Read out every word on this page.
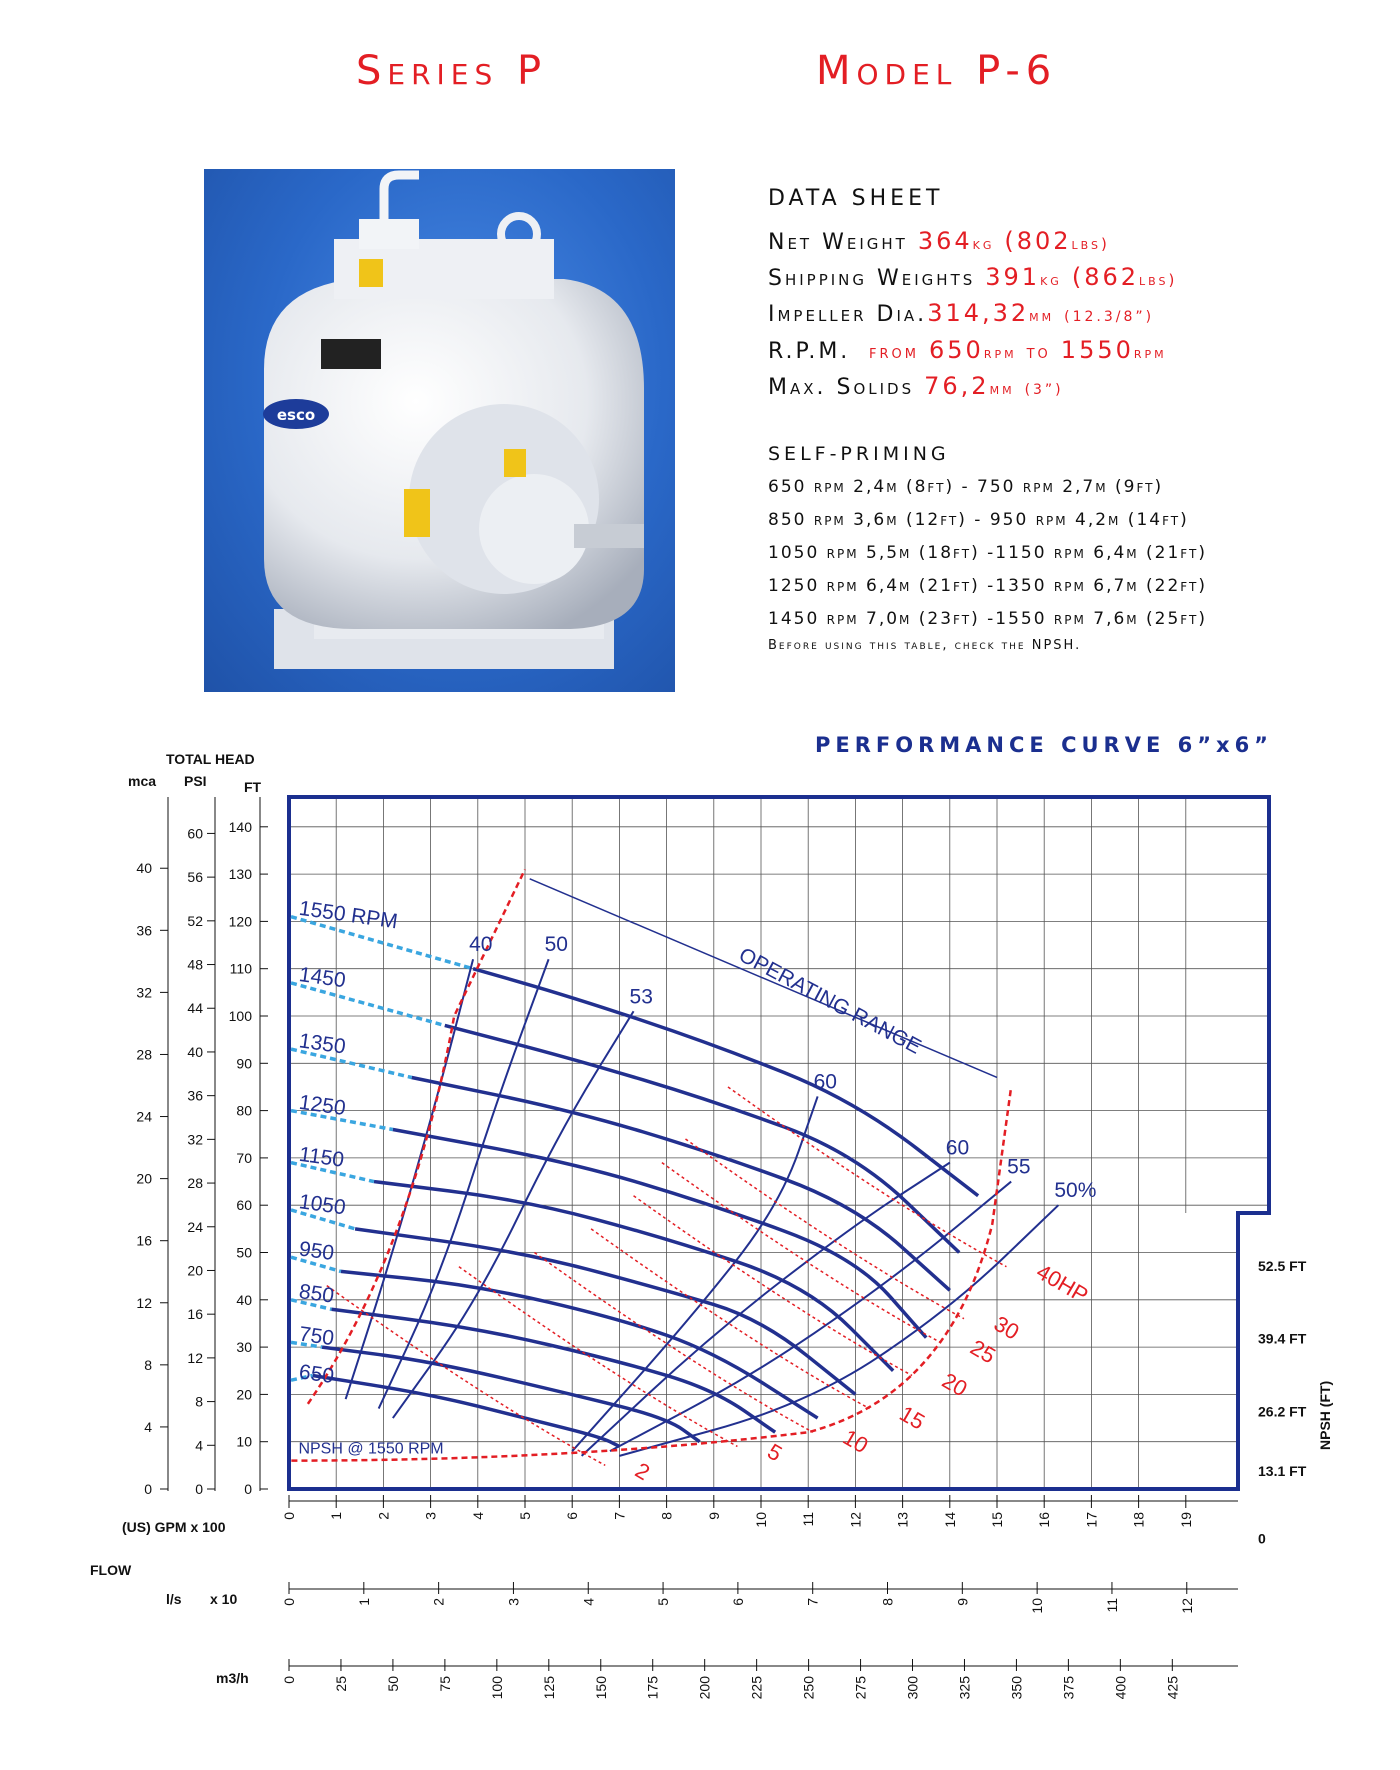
Series P	Model P-6
esco
DATA SHEET
Net Weight 364kg (802lbs)
Shipping Weights 391kg (862lbs)
Impeller Dia.314,32mm (12.3/8”)
R.P.M. from 650rpm to 1550rpm
Max. Solids 76,2mm (3”)
SELF-PRIMING
650 rpm 2,4m (8ft) - 750 rpm 2,7m (9ft)
850 rpm 3,6m (12ft) - 950 rpm 4,2m (14ft)
1050 rpm 5,5m (18ft) -1150 rpm 6,4m (21ft)
1250 rpm 6,4m (21ft) -1350 rpm 6,7m (22ft)
1450 rpm 7,0m (23ft) -1550 rpm 7,6m (25ft)
Before using this table, check the NPSH.
PERFORMANCE CURVE 6”x6”
0
10
20
30
40
50
60
70
80
90
100
110
120
130
140
0
4
8
12
16
20
24
28
32
36
40
44
48
52
56
60
0
4
8
12
16
20
24
28
32
36
40
0 1 2 3 4 5 6 7 8 9 10 11 12 13 14 15 16 17 18 19
0	1	2	3	4	5	6	7	8	9	10	11	12
0	25	50	75	100	125	150	175	200	225	250	275	300	325	350	375	400	425
52.5 FT
39.4 FT
26.2 FT
13.1 FT
0
1550 RPM
1450
1350
1250
1150
1050
950
850
750
650
40 50
53
60
60
55
50%
2
5 10
15
20
25
30
40HP
OPERATING RANGE
NPSH @ 1550 RPM
TOTAL HEAD
mca PSI	FT
(US) GPM x 100
FLOW
l/s x 10
m3/h
NPSH (FT)
